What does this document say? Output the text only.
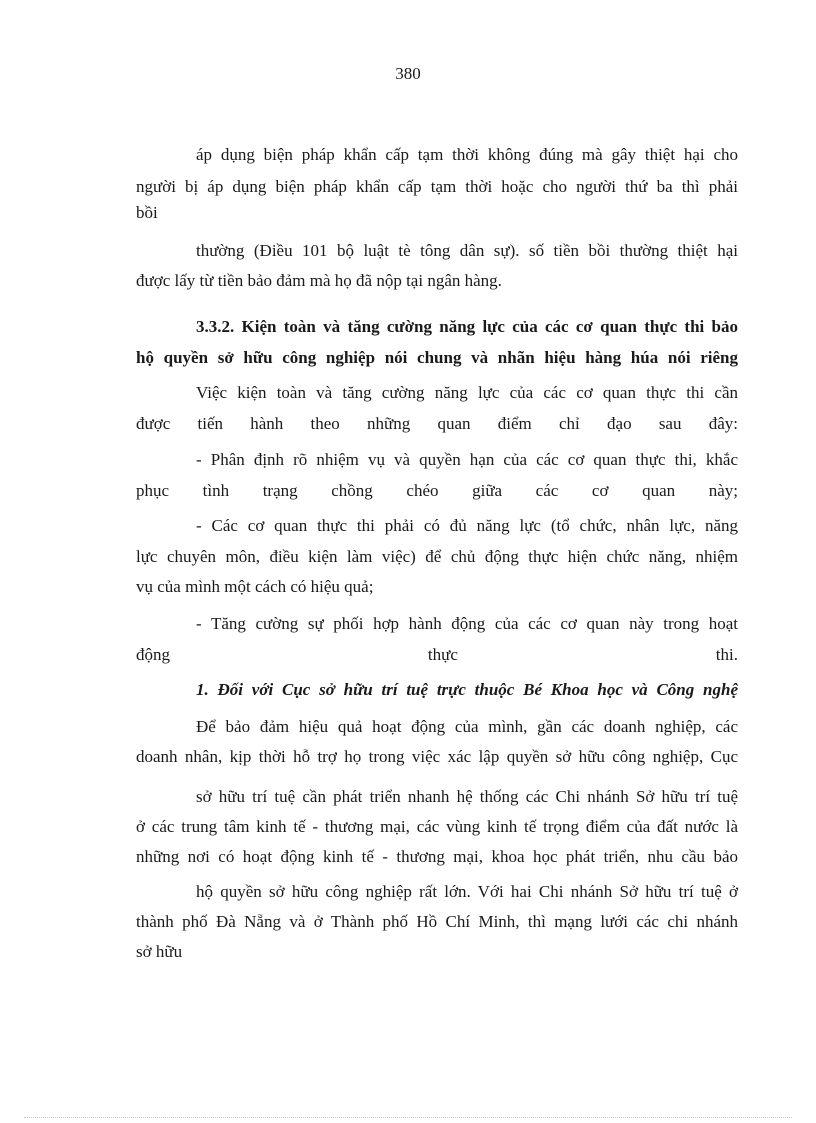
380
áp dụng biện pháp khẩn cấp tạm thời không đúng mà gây thiệt hại cho
người bị áp dụng biện pháp khẩn cấp tạm thời hoặc cho người thứ ba thì phải
bồi
thường (Điều 101 bộ luật tè tông dân sự). số tiền bồi thường thiệt hại
được lấy từ tiền bảo đảm mà họ đã nộp tại ngân hàng.
3.3.2. Kiện toàn và tăng cường năng lực của các cơ quan thực thi bảo
hộ quyền sở hữu công nghiệp nói chung và nhãn hiệu hàng húa nói riêng
Việc kiện toàn và tăng cường năng lực của các cơ quan thực thi cần
được tiến hành theo những quan điểm chỉ đạo sau đây:
- Phân định rõ nhiệm vụ và quyền hạn của các cơ quan thực thi, khắc
phục tình trạng chồng chéo giữa các cơ quan này;
- Các cơ quan thực thi phải có đủ năng lực (tổ chức, nhân lực, năng
lực chuyên môn, điều kiện làm việc) để chủ động thực hiện chức năng, nhiệm
vụ của mình một cách có hiệu quả;
- Tăng cường sự phối hợp hành động của các cơ quan này trong hoạt
động thực thi.
1. Đối với Cục sở hữu trí tuệ trực thuộc Bé Khoa học và Công nghệ
Để bảo đảm hiệu quả hoạt động của mình, gần các doanh nghiệp, các
doanh nhân, kịp thời hỗ trợ họ trong việc xác lập quyền sở hữu công nghiệp, Cục
sở hữu trí tuệ cần phát triển nhanh hệ thống các Chi nhánh Sở hữu trí tuệ
ở các trung tâm kinh tế - thương mại, các vùng kinh tế trọng điểm của đất nước là
những nơi có hoạt động kinh tế - thương mại, khoa học phát triển, nhu cầu bảo
hộ quyền sở hữu công nghiệp rất lớn. Với hai Chi nhánh Sở hữu trí tuệ ở
thành phố Đà Nẵng và ở Thành phố Hồ Chí Minh, thì mạng lưới các chi nhánh
sở hữu
